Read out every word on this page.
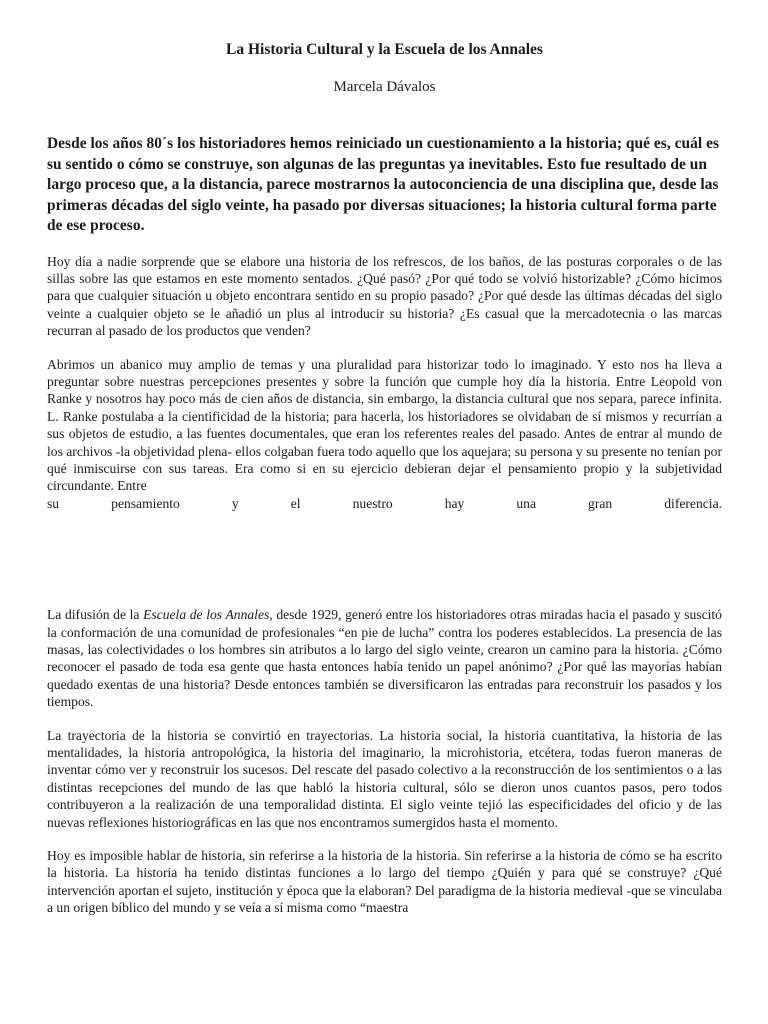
La Historia Cultural y la Escuela de los Annales
Marcela Dávalos
Desde los años 80´s los historiadores hemos reiniciado un cuestionamiento a la historia; qué es, cuál es su sentido o cómo se construye, son algunas de las preguntas ya inevitables. Esto fue resultado de un largo proceso que, a la distancia, parece mostrarnos la autoconciencia de una disciplina que, desde las primeras décadas del siglo veinte, ha pasado por diversas situaciones; la historia cultural forma parte de ese proceso.

Hoy día a nadie sorprende que se elabore una historia de los refrescos, de los baños, de las posturas corporales o de las sillas sobre las que estamos en este momento sentados. ¿Qué pasó? ¿Por qué todo se volvió historizable? ¿Cómo hicimos para que cualquier situación u objeto encontrara sentido en su propio pasado? ¿Por qué desde las últimas décadas del siglo veinte a cualquier objeto se le añadió un plus al introducir su historia? ¿Es casual que la mercadotecnia o las marcas recurran al pasado de los productos que venden?

Abrimos un abanico muy amplio de temas y una pluralidad para historizar todo lo imaginado. Y esto nos ha lleva a preguntar sobre nuestras percepciones presentes y sobre la función que cumple hoy día la historia. Entre Leopold von Ranke y nosotros hay poco más de cien años de distancia, sin embargo, la distancia cultural que nos separa, parece infinita. L. Ranke postulaba a la cientificidad de la historia; para hacerla, los historiadores se olvidaban de sí mismos y recurrían a sus objetos de estudio, a las fuentes documentales, que eran los referentes reales del pasado. Antes de entrar al mundo de los archivos -la objetividad plena- ellos colgaban fuera todo aquello que los aquejara; su persona y su presente no tenían por qué inmiscuirse con sus tareas. Era como si en su ejercicio debieran dejar el pensamiento propio y la subjetividad circundante. Entre

su pensamiento y el nuestro hay una gran diferencia.

La difusión de la Escuela de los Annales, desde 1929, generó entre los historiadores otras miradas hacia el pasado y suscitó la conformación de una comunidad de profesionales “en pie de lucha” contra los poderes establecidos. La presencia de las masas, las colectividades o los hombres sin atributos a lo largo del siglo veinte, crearon un camino para la historia. ¿Cómo reconocer el pasado de toda esa gente que hasta entonces había tenido un papel anónimo? ¿Por qué las mayorías habían quedado exentas de una historia? Desde entonces también se diversificaron las entradas para reconstruir los pasados y los tiempos.

La trayectoria de la historia se convirtió en trayectorias. La historia social, la historia cuantitativa, la historia de las mentalidades, la historia antropológica, la historia del imaginario, la microhistoria, etcétera, todas fueron maneras de inventar cómo ver y reconstruir los sucesos. Del rescate del pasado colectivo a la reconstrucción de los sentimientos o a las distintas recepciones del mundo de las que habló la historia cultural, sólo se dieron unos cuantos pasos, pero todos contribuyeron a la realización de una temporalidad distinta. El siglo veinte tejió las especificidades del oficio y de las nuevas reflexiones historiográficas en las que nos encontramos sumergidos hasta el momento.

Hoy es imposible hablar de historia, sin referirse a la historia de la historia. Sin referirse a la historia de cómo se ha escrito la historia. La historia ha tenido distintas funciones a lo largo del tiempo ¿Quién y para qué se construye? ¿Qué intervención aportan el sujeto, institución y época que la elaboran? Del paradigma de la historia medieval -que se vinculaba a un origen bíblico del mundo y se veía a sí misma como “maestra
